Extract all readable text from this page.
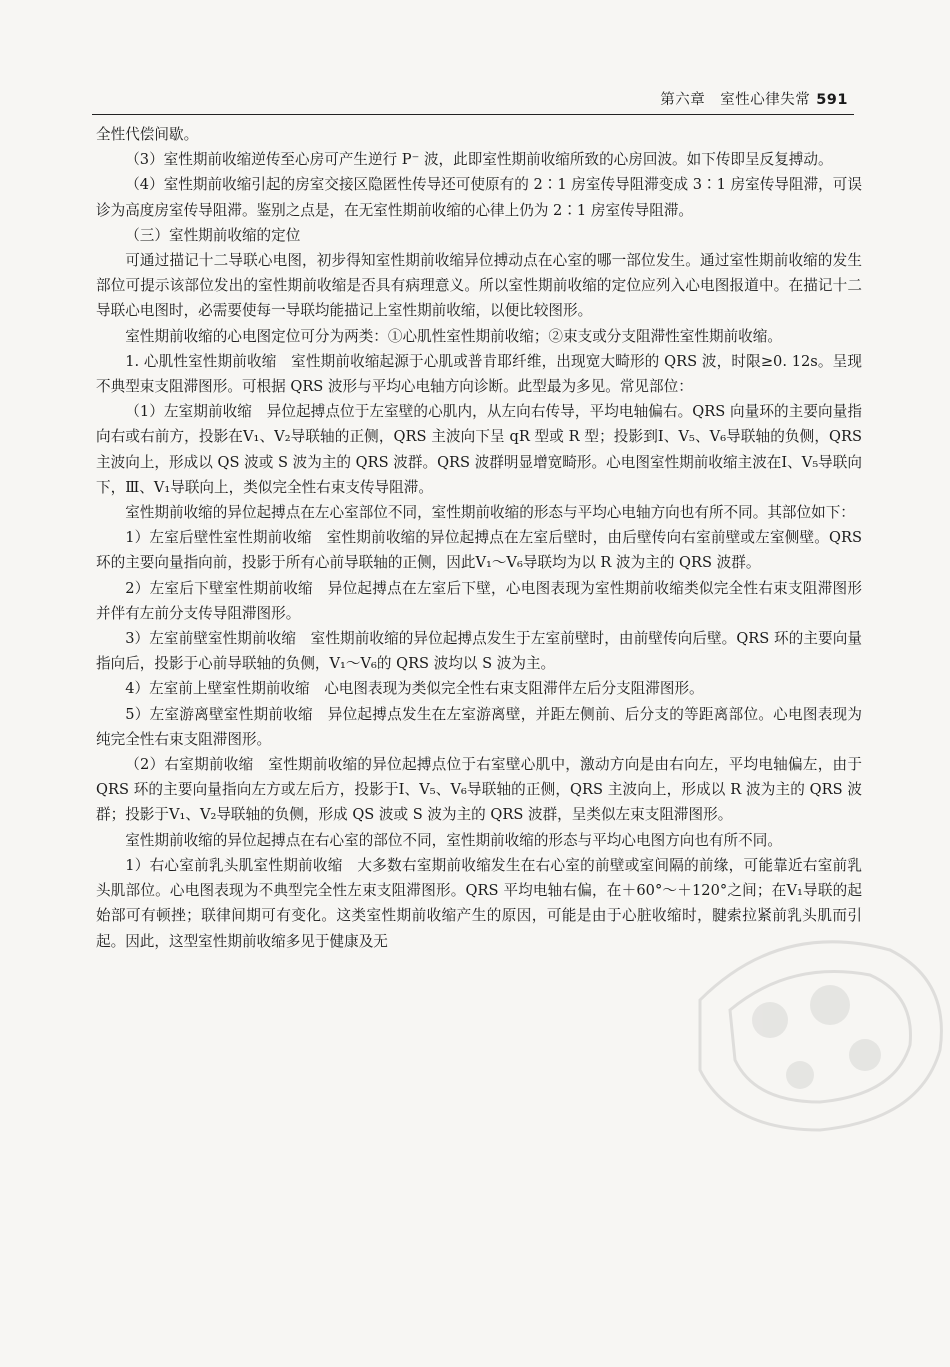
第六章　室性心律失常 591

全性代偿间歇。

（3）室性期前收缩逆传至心房可产生逆行 P⁻ 波，此即室性期前收缩所致的心房回波。如下传即呈反复搏动。

（4）室性期前收缩引起的房室交接区隐匿性传导还可使原有的 2∶1 房室传导阻滞变成 3∶1 房室传导阻滞，可误诊为高度房室传导阻滞。鉴别之点是，在无室性期前收缩的心律上仍为 2∶1 房室传导阻滞。

（三）室性期前收缩的定位

可通过描记十二导联心电图，初步得知室性期前收缩异位搏动点在心室的哪一部位发生。通过室性期前收缩的发生部位可提示该部位发出的室性期前收缩是否具有病理意义。所以室性期前收缩的定位应列入心电图报道中。在描记十二导联心电图时，必需要使每一导联均能描记上室性期前收缩，以便比较图形。

室性期前收缩的心电图定位可分为两类：①心肌性室性期前收缩；②束支或分支阻滞性室性期前收缩。

1. 心肌性室性期前收缩　室性期前收缩起源于心肌或普肯耶纤维，出现宽大畸形的 QRS 波，时限≥0. 12s。呈现不典型束支阻滞图形。可根据 QRS 波形与平均心电轴方向诊断。此型最为多见。常见部位：

（1）左室期前收缩　异位起搏点位于左室壁的心肌内，从左向右传导，平均电轴偏右。QRS 向量环的主要向量指向右或右前方，投影在V₁、V₂导联轴的正侧，QRS 主波向下呈 qR 型或 R 型；投影到Ⅰ、V₅、V₆导联轴的负侧，QRS 主波向上，形成以 QS 波或 S 波为主的 QRS 波群。QRS 波群明显增宽畸形。心电图室性期前收缩主波在Ⅰ、V₅导联向下，Ⅲ、V₁导联向上，类似完全性右束支传导阻滞。

室性期前收缩的异位起搏点在左心室部位不同，室性期前收缩的形态与平均心电轴方向也有所不同。其部位如下：

1）左室后壁性室性期前收缩　室性期前收缩的异位起搏点在左室后壁时，由后壁传向右室前壁或左室侧壁。QRS 环的主要向量指向前，投影于所有心前导联轴的正侧，因此V₁～V₆导联均为以 R 波为主的 QRS 波群。

2）左室后下壁室性期前收缩　异位起搏点在左室后下壁，心电图表现为室性期前收缩类似完全性右束支阻滞图形并伴有左前分支传导阻滞图形。

3）左室前壁室性期前收缩　室性期前收缩的异位起搏点发生于左室前壁时，由前壁传向后壁。QRS 环的主要向量指向后，投影于心前导联轴的负侧，V₁～V₆的 QRS 波均以 S 波为主。

4）左室前上壁室性期前收缩　心电图表现为类似完全性右束支阻滞伴左后分支阻滞图形。

5）左室游离壁室性期前收缩　异位起搏点发生在左室游离壁，并距左侧前、后分支的等距离部位。心电图表现为纯完全性右束支阻滞图形。

（2）右室期前收缩　室性期前收缩的异位起搏点位于右室壁心肌中，激动方向是由右向左，平均电轴偏左，由于 QRS 环的主要向量指向左方或左后方，投影于Ⅰ、V₅、V₆导联轴的正侧，QRS 主波向上，形成以 R 波为主的 QRS 波群；投影于V₁、V₂导联轴的负侧，形成 QS 波或 S 波为主的 QRS 波群，呈类似左束支阻滞图形。

室性期前收缩的异位起搏点在右心室的部位不同，室性期前收缩的形态与平均心电图方向也有所不同。

1）右心室前乳头肌室性期前收缩　大多数右室期前收缩发生在右心室的前壁或室间隔的前缘，可能靠近右室前乳头肌部位。心电图表现为不典型完全性左束支阻滞图形。QRS 平均电轴右偏，在＋60°～＋120°之间；在V₁导联的起始部可有顿挫；联律间期可有变化。这类室性期前收缩产生的原因，可能是由于心脏收缩时，腱索拉紧前乳头肌而引起。因此，这型室性期前收缩多见于健康及无
